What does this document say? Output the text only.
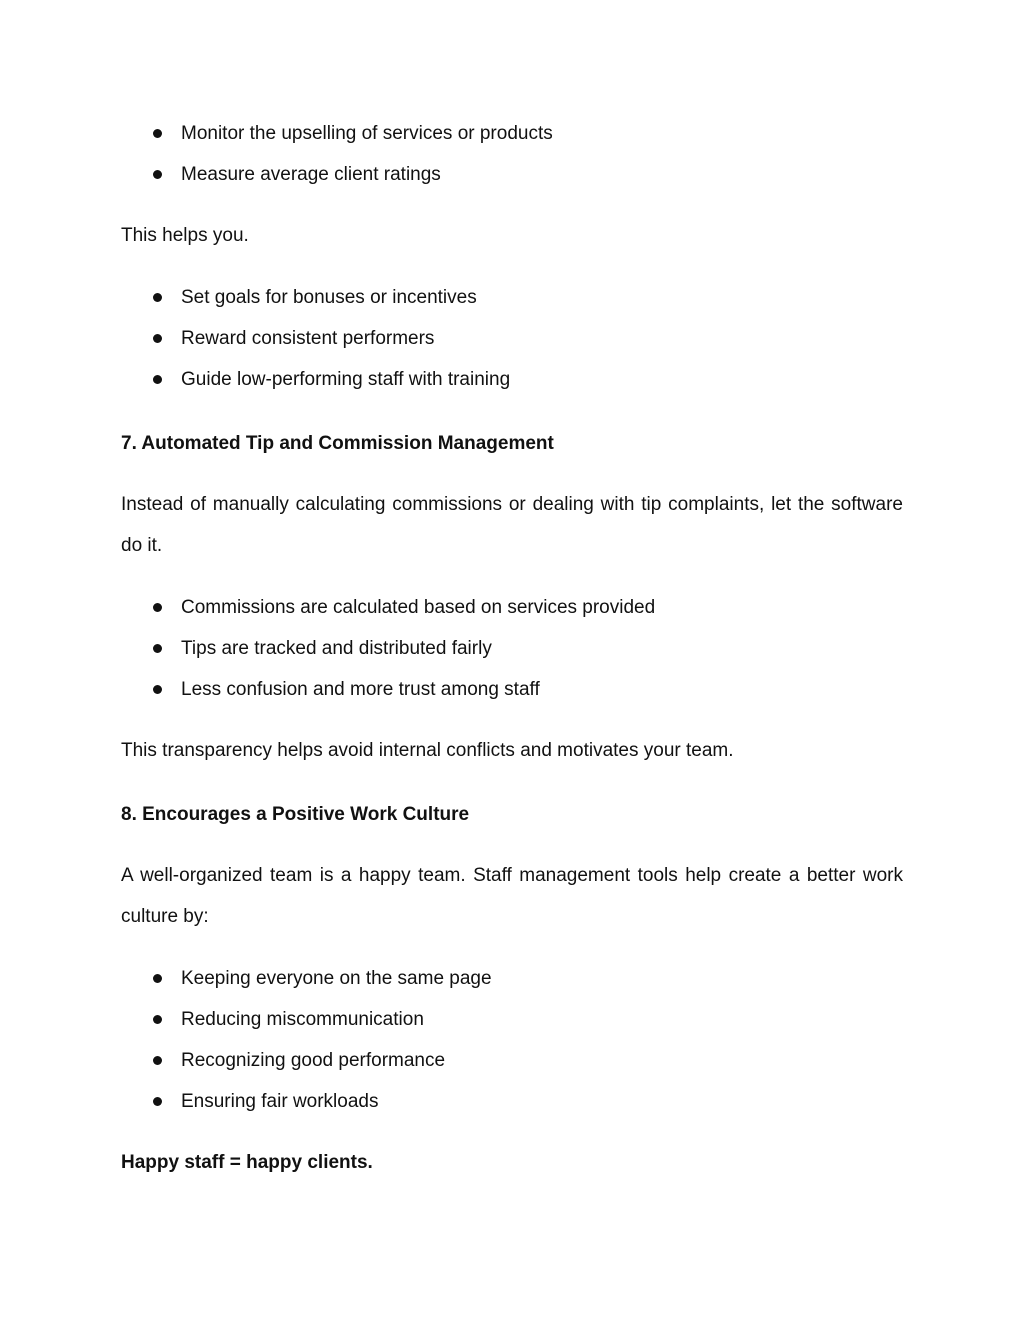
Monitor the upselling of services or products
Measure average client ratings

This helps you.

Set goals for bonuses or incentives
Reward consistent performers
Guide low-performing staff with training
7. Automated Tip and Commission Management

Instead of manually calculating commissions or dealing with tip complaints, let the software do it.

Commissions are calculated based on services provided
Tips are tracked and distributed fairly
Less confusion and more trust among staff

This transparency helps avoid internal conflicts and motivates your team.

8. Encourages a Positive Work Culture

A well-organized team is a happy team. Staff management tools help create a better work culture by:

Keeping everyone on the same page
Reducing miscommunication
Recognizing good performance
Ensuring fair workloads

Happy staff = happy clients.
